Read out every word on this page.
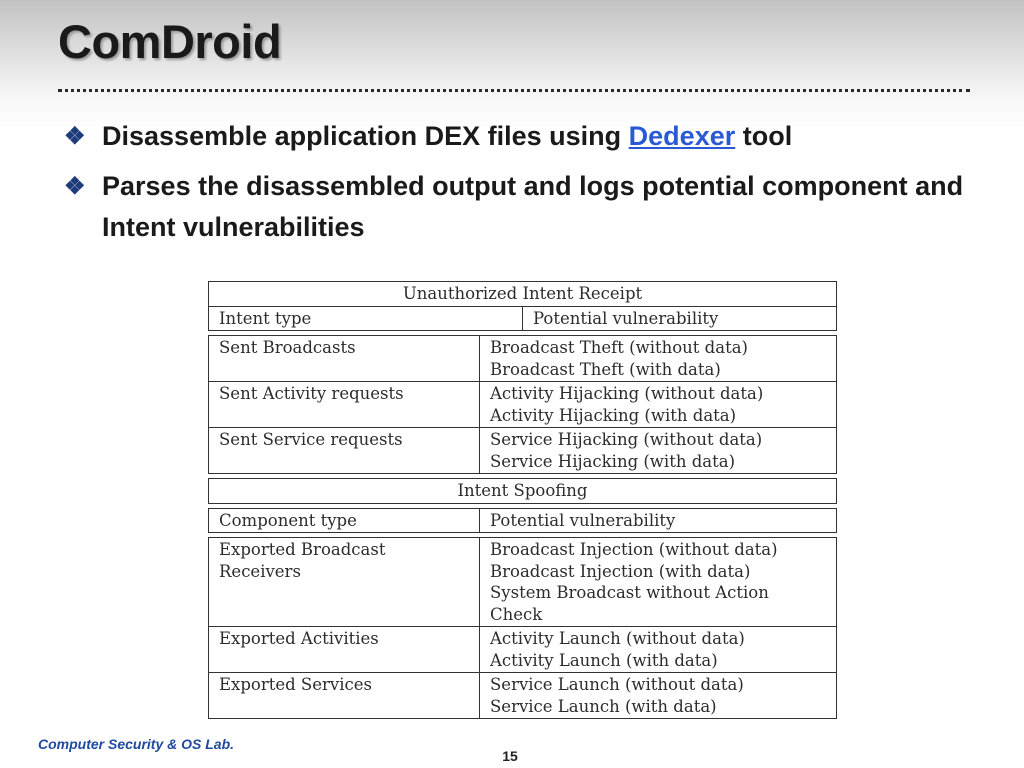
ComDroid
❖ Disassemble application DEX files using Dedexer tool
❖ Parses the disassembled output and logs potential component and Intent vulnerabilities
Unauthorized Intent Receipt
Intent type	Potential vulnerability
Sent Broadcasts	Broadcast Theft (without data)
Broadcast Theft (with data)

Sent Activity requests	Activity Hijacking (without data)
Activity Hijacking (with data)

Sent Service requests	Service Hijacking (without data)
Service Hijacking (with data)
Intent Spoofing
Component type	Potential vulnerability
Exported Broadcast Receivers	Broadcast Injection (without data)
Broadcast Injection (with data)
System Broadcast without Action Check

Exported Activities	Activity Launch (without data)
Activity Launch (with data)

Exported Services	Service Launch (without data)
Service Launch (with data)
Computer Security & OS Lab.
15
